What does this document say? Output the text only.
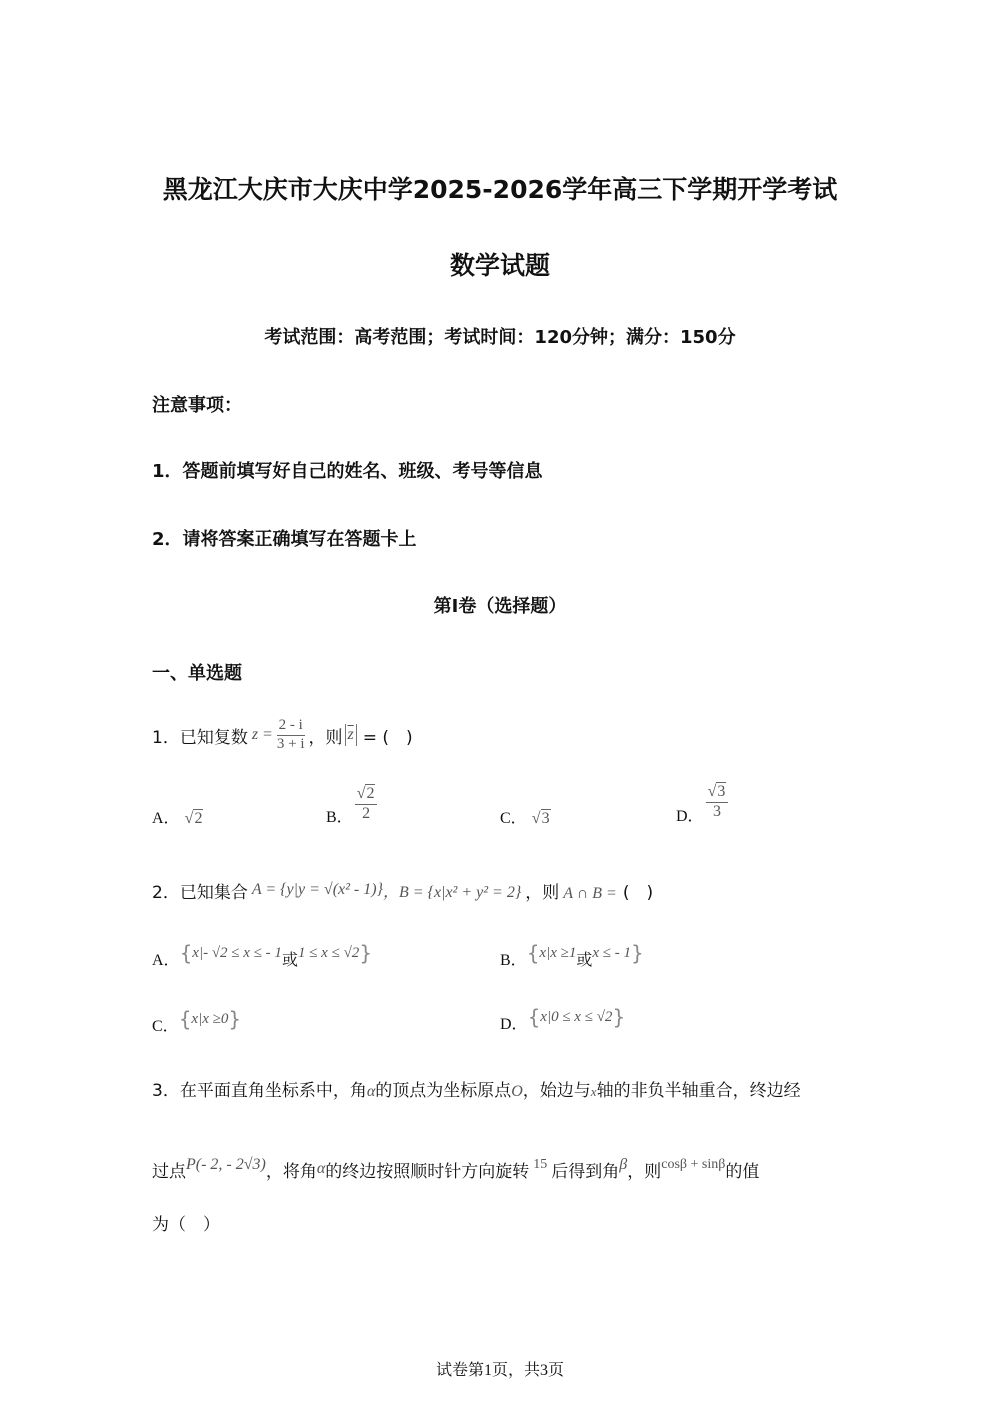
黑龙江大庆市大庆中学2025-2026学年高三下学期开学考试
数学试题
考试范围：高考范围；考试时间：120分钟；满分：150分
注意事项：
1．答题前填写好自己的姓名、班级、考号等信息
2．请将答案正确填写在答题卡上
第I卷（选择题）
一、单选题
1．已知复数 $z = \frac{2 - i}{3 + i}$ ，则 $\overline{z}$ = (　)
A． √2	B． $\frac{√2}{2}$	C． √3	D． $\frac{√3}{3}$
2．已知集合 A = {y|y = √(x² - 1)} ，B = {x|x² + y² = 2} ，则 A ∩ B = (　)
A． { x|- √2 ≤ x ≤ - 1 或 1 ≤ x ≤ √2 }	B． { x|x ≥1 或 x ≤ - 1 }
C． { x|x ≥0 }	D． { x|0 ≤ x ≤ √2 }
3．在平面直角坐标系中，角α的顶点为坐标原点O，始边与x轴的非负半轴重合，终边经
过点 P(- 2, - 2√3) ，将角 α 的终边按照顺时针方向旋转 15 后得到角 β ，则 cosβ + sinβ 的值
为（　）
试卷第1页，共3页
